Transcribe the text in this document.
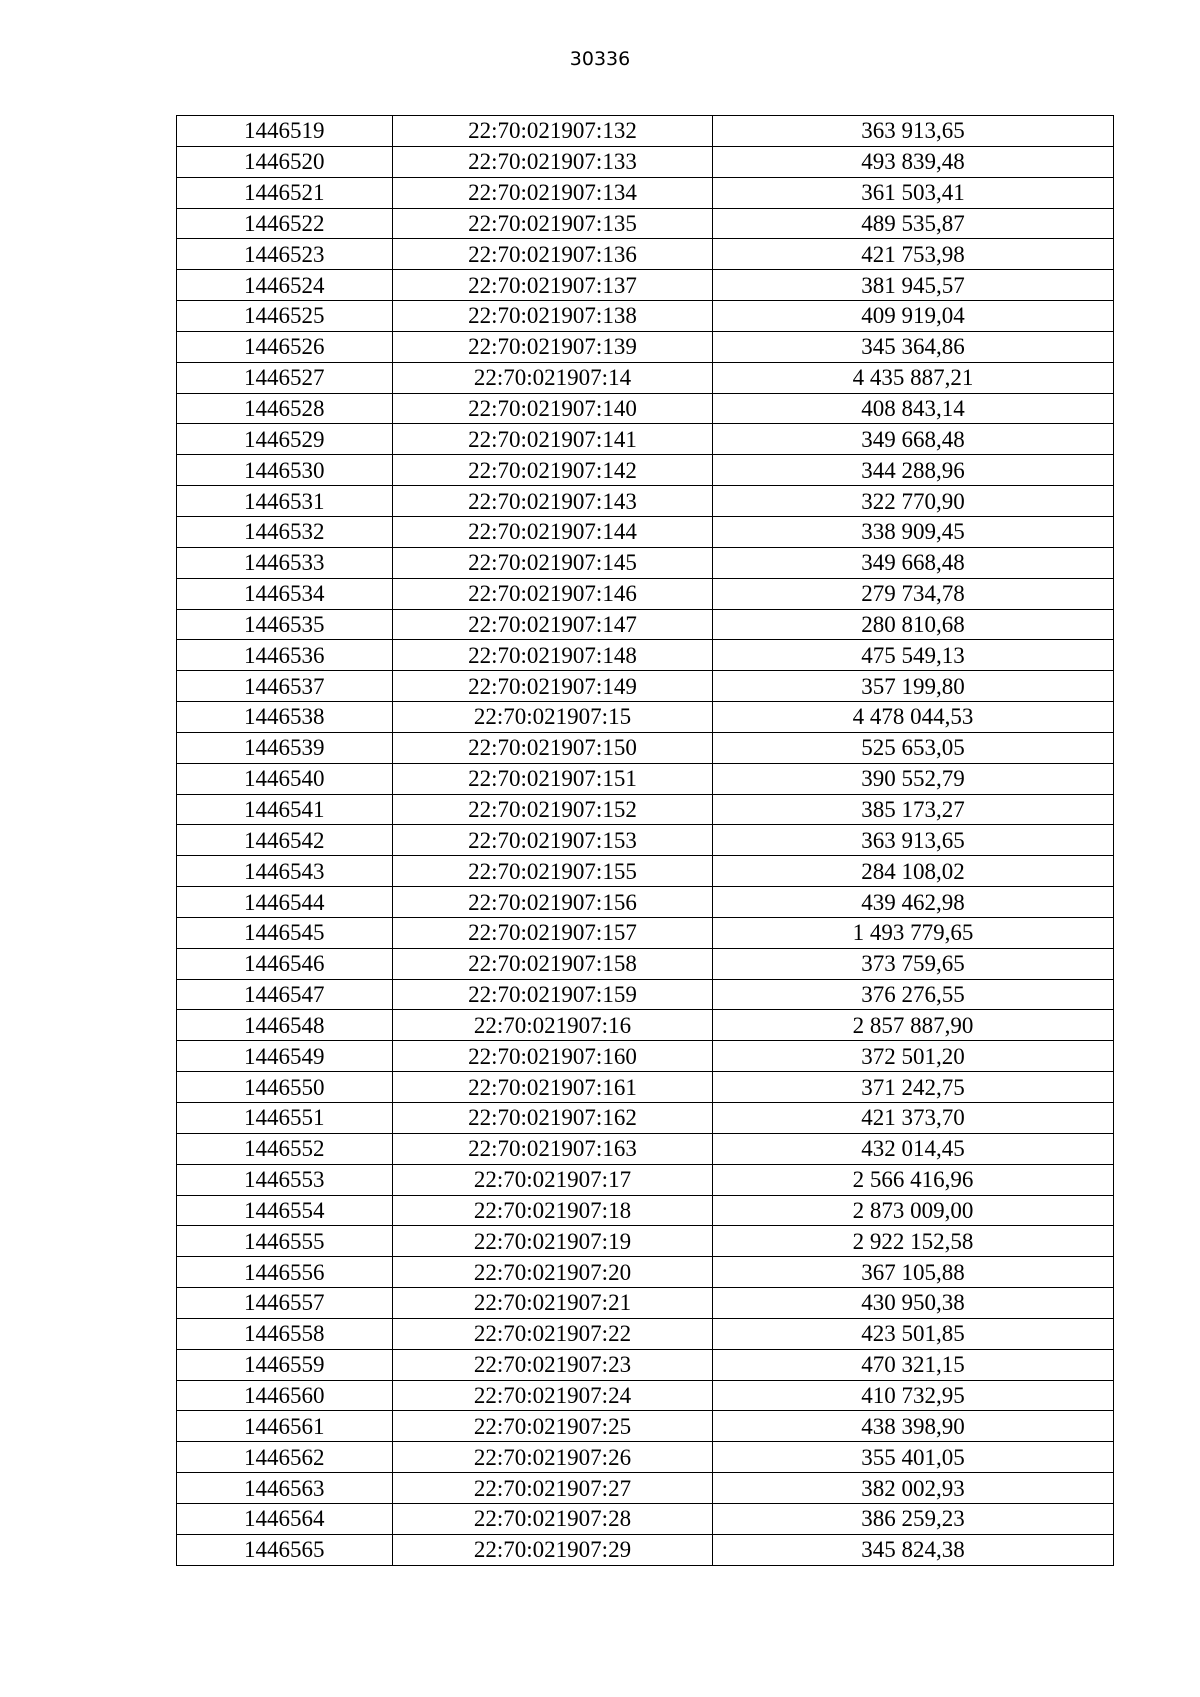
30336
1446519	22:70:021907:132	363 913,65
1446520	22:70:021907:133	493 839,48
1446521	22:70:021907:134	361 503,41
1446522	22:70:021907:135	489 535,87
1446523	22:70:021907:136	421 753,98
1446524	22:70:021907:137	381 945,57
1446525	22:70:021907:138	409 919,04
1446526	22:70:021907:139	345 364,86
1446527	22:70:021907:14	4 435 887,21
1446528	22:70:021907:140	408 843,14
1446529	22:70:021907:141	349 668,48
1446530	22:70:021907:142	344 288,96
1446531	22:70:021907:143	322 770,90
1446532	22:70:021907:144	338 909,45
1446533	22:70:021907:145	349 668,48
1446534	22:70:021907:146	279 734,78
1446535	22:70:021907:147	280 810,68
1446536	22:70:021907:148	475 549,13
1446537	22:70:021907:149	357 199,80
1446538	22:70:021907:15	4 478 044,53
1446539	22:70:021907:150	525 653,05
1446540	22:70:021907:151	390 552,79
1446541	22:70:021907:152	385 173,27
1446542	22:70:021907:153	363 913,65
1446543	22:70:021907:155	284 108,02
1446544	22:70:021907:156	439 462,98
1446545	22:70:021907:157	1 493 779,65
1446546	22:70:021907:158	373 759,65
1446547	22:70:021907:159	376 276,55
1446548	22:70:021907:16	2 857 887,90
1446549	22:70:021907:160	372 501,20
1446550	22:70:021907:161	371 242,75
1446551	22:70:021907:162	421 373,70
1446552	22:70:021907:163	432 014,45
1446553	22:70:021907:17	2 566 416,96
1446554	22:70:021907:18	2 873 009,00
1446555	22:70:021907:19	2 922 152,58
1446556	22:70:021907:20	367 105,88
1446557	22:70:021907:21	430 950,38
1446558	22:70:021907:22	423 501,85
1446559	22:70:021907:23	470 321,15
1446560	22:70:021907:24	410 732,95
1446561	22:70:021907:25	438 398,90
1446562	22:70:021907:26	355 401,05
1446563	22:70:021907:27	382 002,93
1446564	22:70:021907:28	386 259,23
1446565	22:70:021907:29	345 824,38
